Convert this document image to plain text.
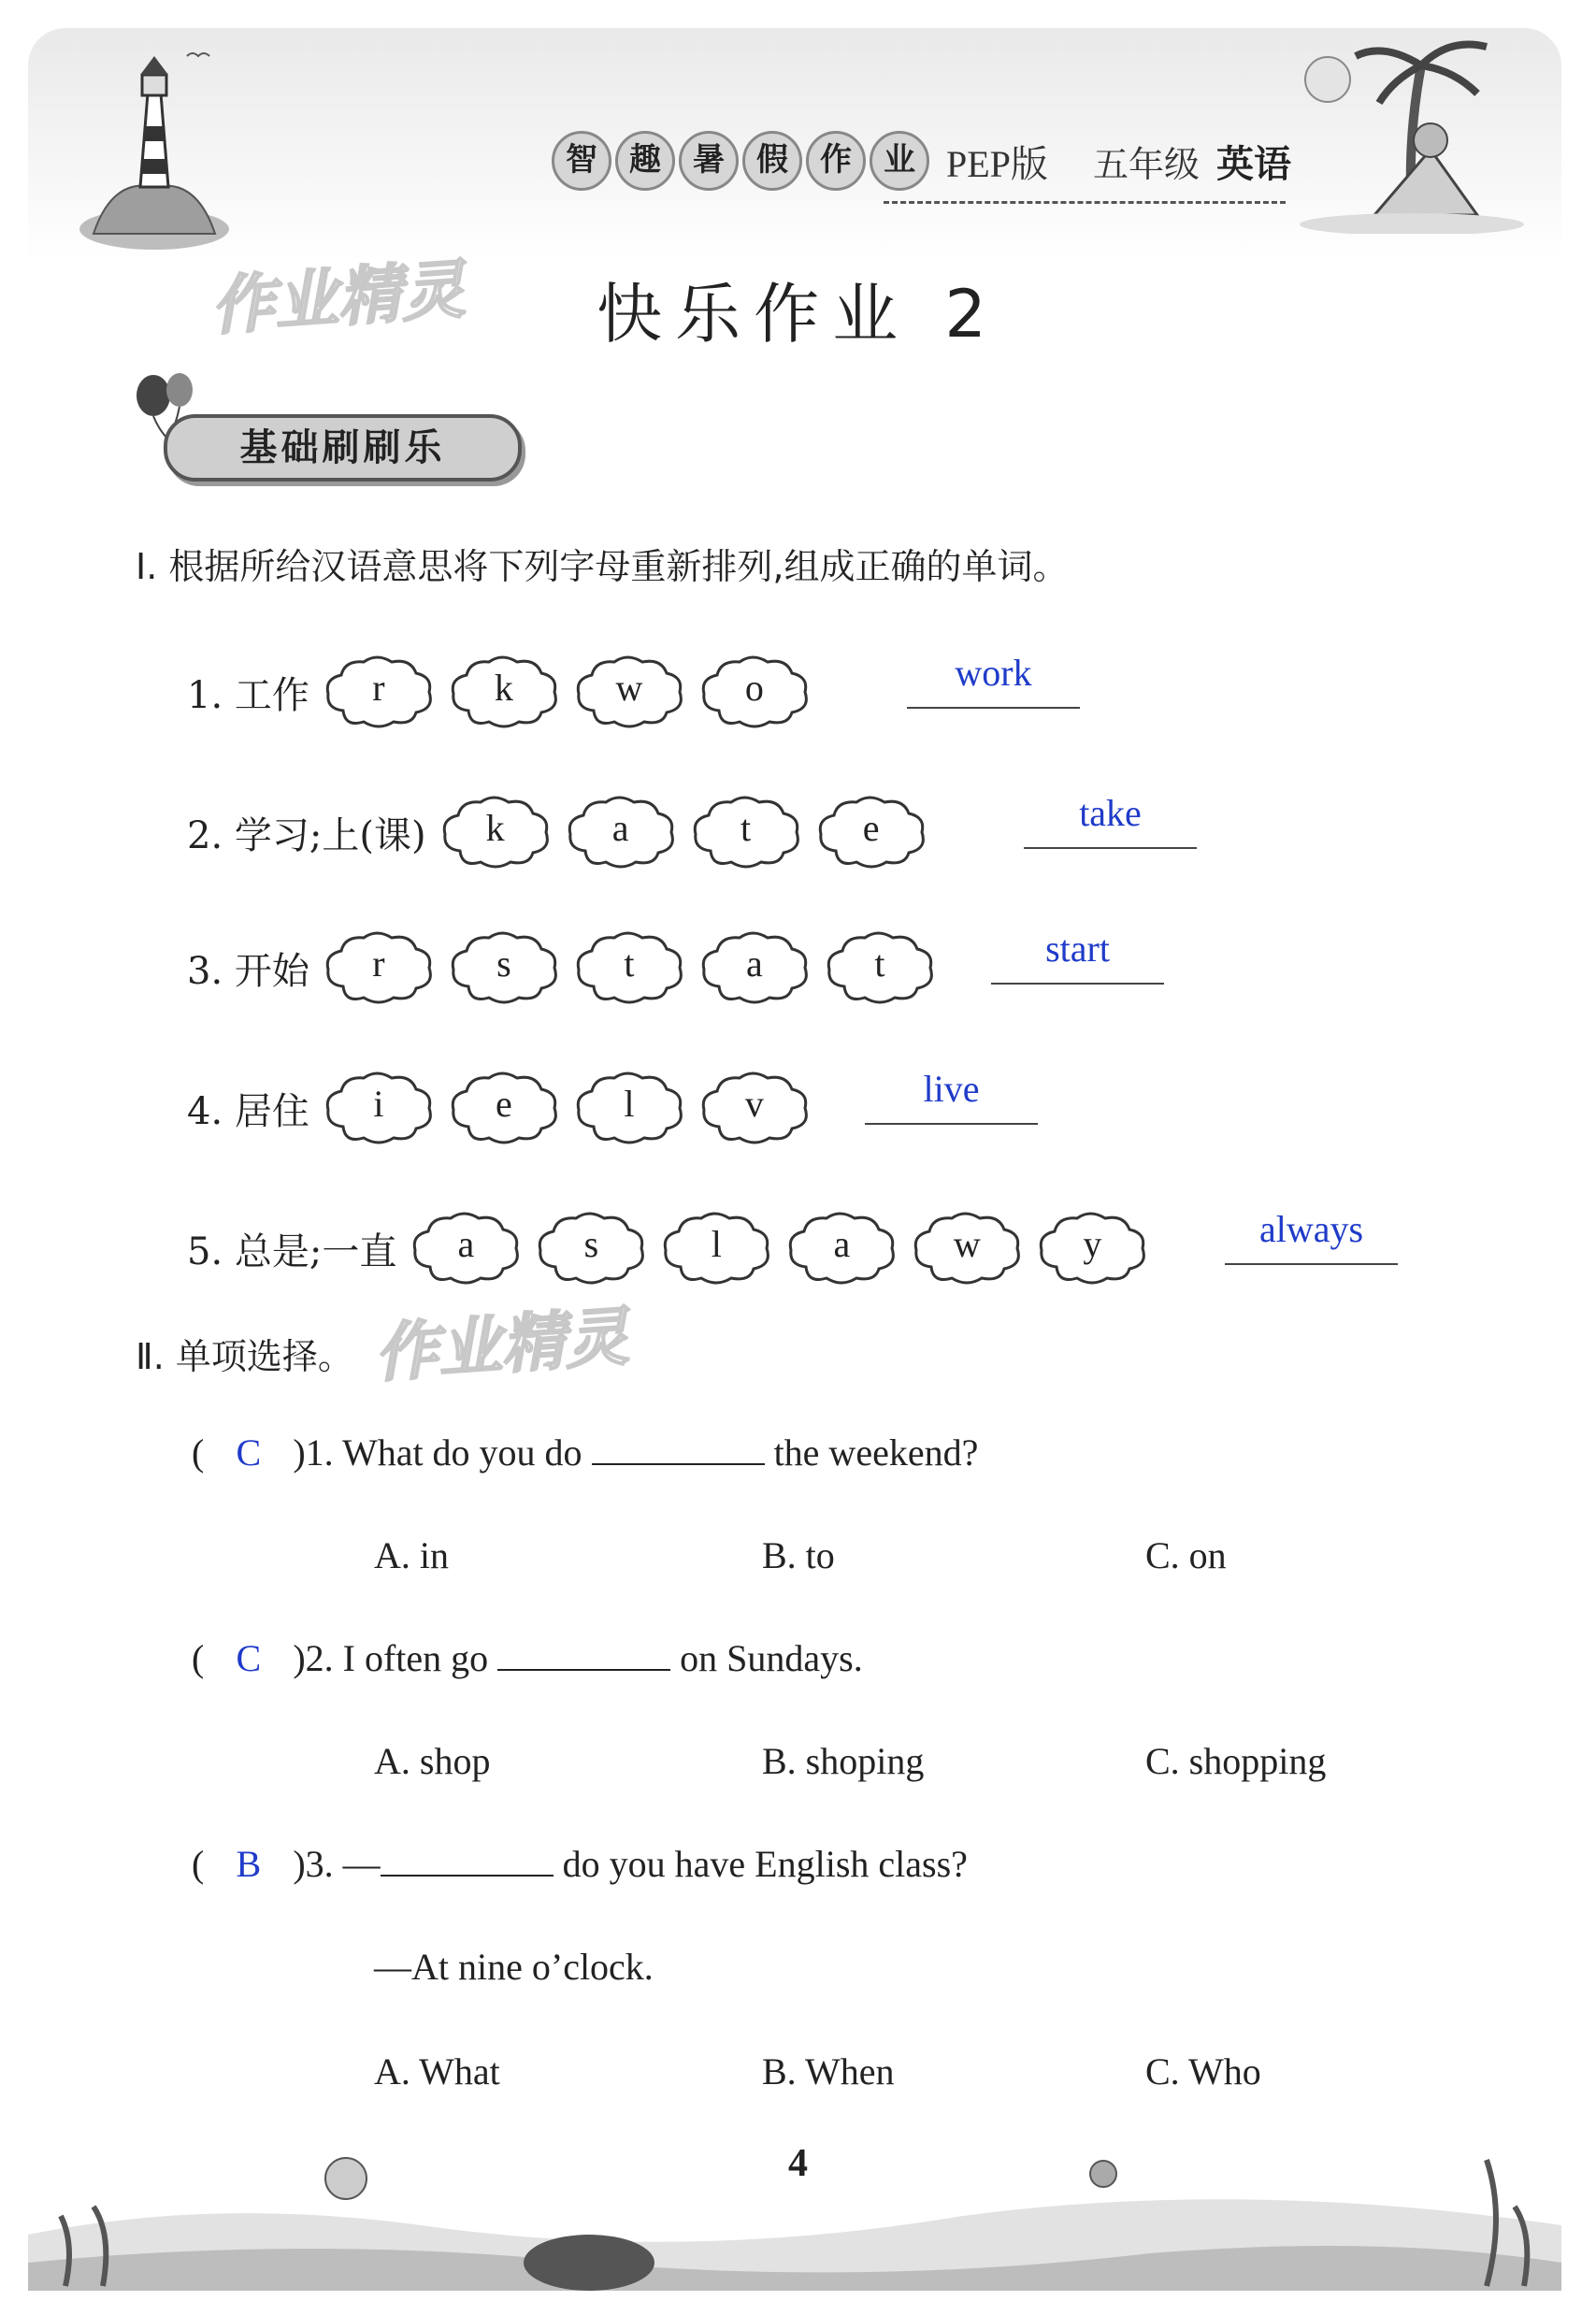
智	趣	暑	假	作	业 PEP版 五年级 英语
作业精灵
作业精灵
快乐作业 2
基础刷刷乐
Ⅰ. 根据所给汉语意思将下列字母重新排列,组成正确的单词。
1. 工作	r	k	w	o	work
2. 学习;上(课)	k	a	t	e	take
3. 开始	r	s	t	a	t	start
4. 居住	i	e	l	v	live
5. 总是;一直	a	s	l	a	w	y	always
Ⅱ. 单项选择。
( C )1. What do you do	the weekend?
A. in	B. to	C. on
( C )2. I often go	on Sundays.
A. shop	B. shoping	C. shopping
( B )3. —	do you have English class?
—At nine o’clock.
A. What	B. When	C. Who
4
